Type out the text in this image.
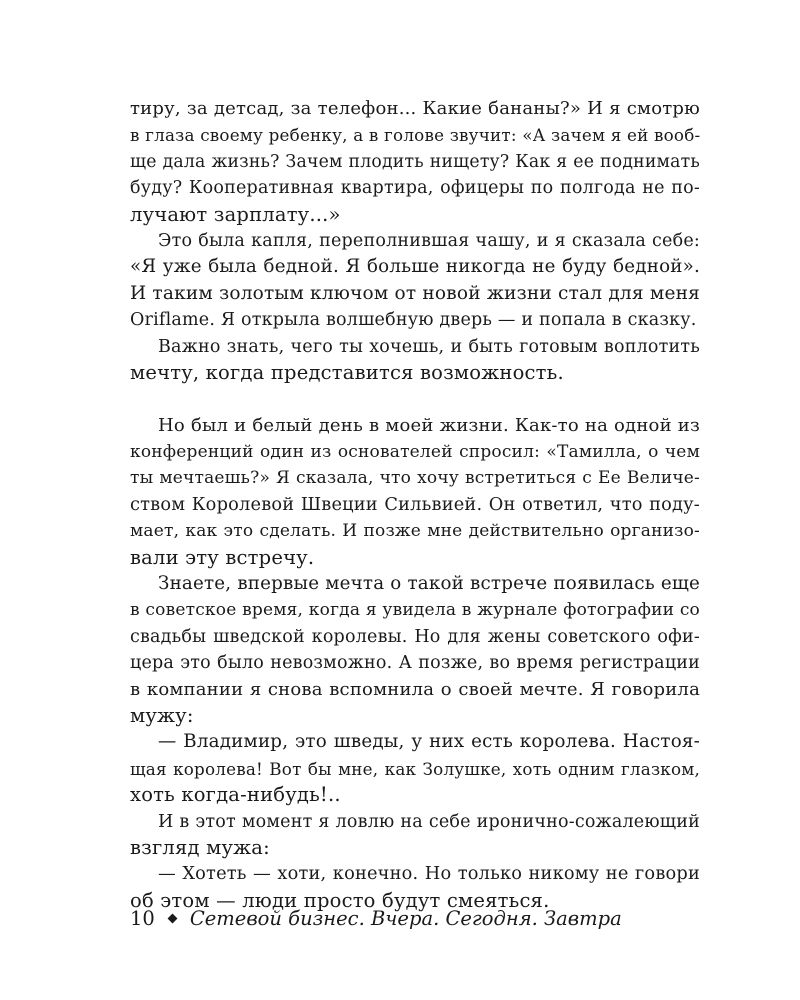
тиру, за детсад, за телефон... Какие бананы?» И я смотрю
в глаза своему ребенку, а в голове звучит: «А зачем я ей вооб-
ще дала жизнь? Зачем плодить нищету? Как я ее поднимать
буду? Кооперативная квартира, офицеры по полгода не по-
лучают зарплату...»
Это была капля, переполнившая чашу, и я сказала себе:
«Я уже была бедной. Я больше никогда не буду бедной».
И таким золотым ключом от новой жизни стал для меня
Oriflame. Я открыла волшебную дверь — и попала в сказку.
Важно знать, чего ты хочешь, и быть готовым воплотить
мечту, когда представится возможность.
Но был и белый день в моей жизни. Как-то на одной из
конференций один из основателей спросил: «Тамилла, о чем
ты мечтаешь?» Я сказала, что хочу встретиться с Ее Величе-
ством Королевой Швеции Сильвией. Он ответил, что поду-
мает, как это сделать. И позже мне действительно организо-
вали эту встречу.
Знаете, впервые мечта о такой встрече появилась еще
в советское время, когда я увидела в журнале фотографии со
свадьбы шведской королевы. Но для жены советского офи-
цера это было невозможно. А позже, во время регистрации
в компании я снова вспомнила о своей мечте. Я говорила
мужу:
— Владимир, это шведы, у них есть королева. Настоя-
щая королева! Вот бы мне, как Золушке, хоть одним глазком,
хоть когда-нибудь!..
И в этот момент я ловлю на себе иронично-сожалеющий
взгляд мужа:
— Хотеть — хоти, конечно. Но только никому не говори
об этом — люди просто будут смеяться.
10 Сетевой бизнес. Вчера. Сегодня. Завтра
